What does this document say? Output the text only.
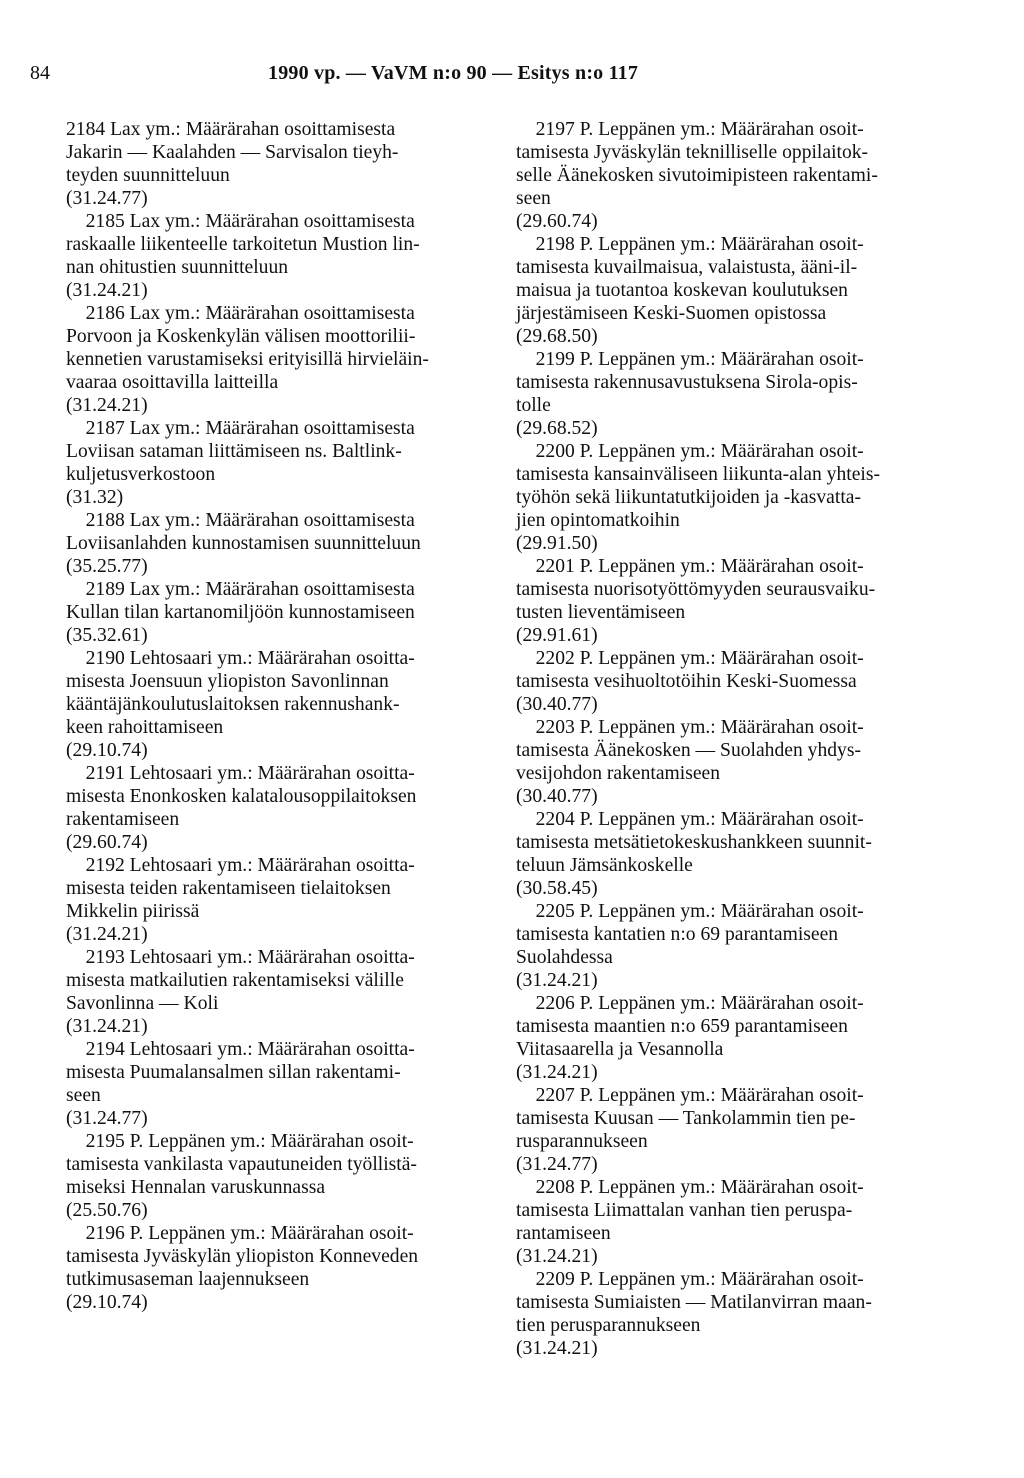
84	1990 vp. — VaVM n:o 90 — Esitys n:o 117
2184 Lax ym.: Määrärahan osoittamisesta
Jakarin — Kaalahden — Sarvisalon tieyh-
teyden suunnitteluun
(31.24.77)
2185 Lax ym.: Määrärahan osoittamisesta
raskaalle liikenteelle tarkoitetun Mustion lin-
nan ohitustien suunnitteluun
(31.24.21)
2186 Lax ym.: Määrärahan osoittamisesta
Porvoon ja Koskenkylän välisen moottorilii-
kennetien varustamiseksi erityisillä hirvieläin-
vaaraa osoittavilla laitteilla
(31.24.21)
2187 Lax ym.: Määrärahan osoittamisesta
Loviisan sataman liittämiseen ns. Baltlink-
kuljetusverkostoon
(31.32)
2188 Lax ym.: Määrärahan osoittamisesta
Loviisanlahden kunnostamisen suunnitteluun
(35.25.77)
2189 Lax ym.: Määrärahan osoittamisesta
Kullan tilan kartanomiljöön kunnostamiseen
(35.32.61)
2190 Lehtosaari ym.: Määrärahan osoitta-
misesta Joensuun yliopiston Savonlinnan
kääntäjänkoulutuslaitoksen rakennushank-
keen rahoittamiseen
(29.10.74)
2191 Lehtosaari ym.: Määrärahan osoitta-
misesta Enonkosken kalatalousoppilaitoksen
rakentamiseen
(29.60.74)
2192 Lehtosaari ym.: Määrärahan osoitta-
misesta teiden rakentamiseen tielaitoksen
Mikkelin piirissä
(31.24.21)
2193 Lehtosaari ym.: Määrärahan osoitta-
misesta matkailutien rakentamiseksi välille
Savonlinna — Koli
(31.24.21)
2194 Lehtosaari ym.: Määrärahan osoitta-
misesta Puumalansalmen sillan rakentami-
seen
(31.24.77)
2195 P. Leppänen ym.: Määrärahan osoit-
tamisesta vankilasta vapautuneiden työllistä-
miseksi Hennalan varuskunnassa
(25.50.76)
2196 P. Leppänen ym.: Määrärahan osoit-
tamisesta Jyväskylän yliopiston Konneveden
tutkimusaseman laajennukseen
(29.10.74)
2197 P. Leppänen ym.: Määrärahan osoit-
tamisesta Jyväskylän teknilliselle oppilaitok-
selle Äänekosken sivutoimipisteen rakentami-
seen
(29.60.74)
2198 P. Leppänen ym.: Määrärahan osoit-
tamisesta kuvailmaisua, valaistusta, ääni-il-
maisua ja tuotantoa koskevan koulutuksen
järjestämiseen Keski-Suomen opistossa
(29.68.50)
2199 P. Leppänen ym.: Määrärahan osoit-
tamisesta rakennusavustuksena Sirola-opis-
tolle
(29.68.52)
2200 P. Leppänen ym.: Määrärahan osoit-
tamisesta kansainväliseen liikunta-alan yhteis-
työhön sekä liikuntatutkijoiden ja -kasvatta-
jien opintomatkoihin
(29.91.50)
2201 P. Leppänen ym.: Määrärahan osoit-
tamisesta nuorisotyöttömyyden seurausvaiku-
tusten lieventämiseen
(29.91.61)
2202 P. Leppänen ym.: Määrärahan osoit-
tamisesta vesihuoltotöihin Keski-Suomessa
(30.40.77)
2203 P. Leppänen ym.: Määrärahan osoit-
tamisesta Äänekosken — Suolahden yhdys-
vesijohdon rakentamiseen
(30.40.77)
2204 P. Leppänen ym.: Määrärahan osoit-
tamisesta metsätietokeskushankkeen suunnit-
teluun Jämsänkoskelle
(30.58.45)
2205 P. Leppänen ym.: Määrärahan osoit-
tamisesta kantatien n:o 69 parantamiseen
Suolahdessa
(31.24.21)
2206 P. Leppänen ym.: Määrärahan osoit-
tamisesta maantien n:o 659 parantamiseen
Viitasaarella ja Vesannolla
(31.24.21)
2207 P. Leppänen ym.: Määrärahan osoit-
tamisesta Kuusan — Tankolammin tien pe-
rusparannukseen
(31.24.77)
2208 P. Leppänen ym.: Määrärahan osoit-
tamisesta Liimattalan vanhan tien peruspa-
rantamiseen
(31.24.21)
2209 P. Leppänen ym.: Määrärahan osoit-
tamisesta Sumiaisten — Matilanvirran maan-
tien perusparannukseen
(31.24.21)
